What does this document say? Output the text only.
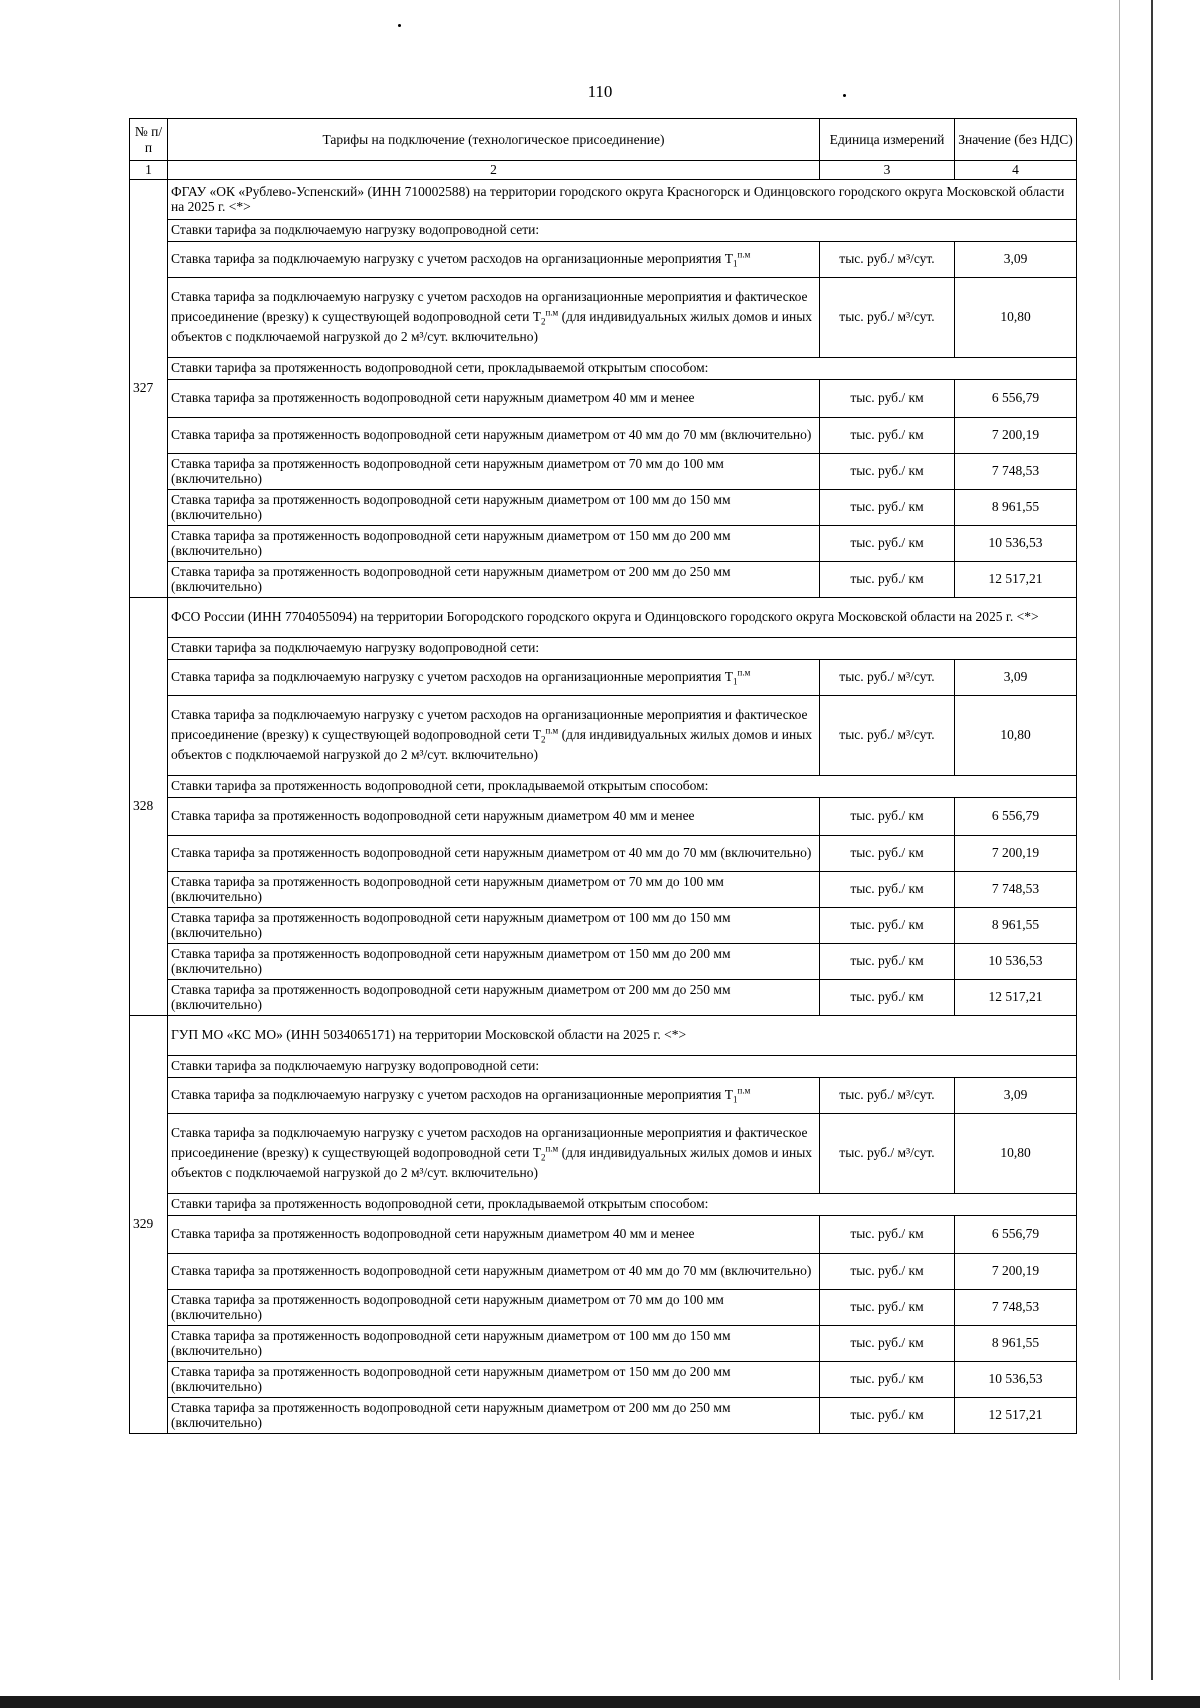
110
№ п/п	Тарифы на подключение (технологическое присоединение)	Единица измерений	Значение (без НДС)
1	2	3	4
327	ФГАУ «ОК «Рублево-Успенский» (ИНН 710002588) на территории городского округа Красногорск и Одинцовского городского округа Московской области на 2025 г. <*>		
	Ставки тарифа за подключаемую нагрузку водопроводной сети:		
	Ставка тарифа за подключаемую нагрузку с учетом расходов на организационные мероприятия $T_1^{п.м}$	тыс. руб./ м³/сут.	3,09
	Ставка тарифа за подключаемую нагрузку с учетом расходов на организационные мероприятия и фактическое присоединение (врезку) к существующей водопроводной сети $T_2^{п.м}$ (для индивидуальных жилых домов и иных объектов с подключаемой нагрузкой до 2 м³/сут. включительно)	тыс. руб./ м³/сут.	10,80
	Ставки тарифа за протяженность водопроводной сети, прокладываемой открытым способом:		
	Ставка тарифа за протяженность водопроводной сети наружным диаметром 40 мм и менее	тыс. руб./ км	6 556,79
	Ставка тарифа за протяженность водопроводной сети наружным диаметром от 40 мм до 70 мм (включительно)	тыс. руб./ км	7 200,19
	Ставка тарифа за протяженность водопроводной сети наружным диаметром от 70 мм до 100 мм (включительно)	тыс. руб./ км	7 748,53
	Ставка тарифа за протяженность водопроводной сети наружным диаметром от 100 мм до 150 мм (включительно)	тыс. руб./ км	8 961,55
	Ставка тарифа за протяженность водопроводной сети наружным диаметром от 150 мм до 200 мм (включительно)	тыс. руб./ км	10 536,53
	Ставка тарифа за протяженность водопроводной сети наружным диаметром от 200 мм до 250 мм (включительно)	тыс. руб./ км	12 517,21
328	ФСО России (ИНН 7704055094) на территории Богородского городского округа и Одинцовского городского округа Московской области на 2025 г. <*>		
	Ставки тарифа за подключаемую нагрузку водопроводной сети:		
	Ставка тарифа за подключаемую нагрузку с учетом расходов на организационные мероприятия $T_1^{п.м}$	тыс. руб./ м³/сут.	3,09
	Ставка тарифа за подключаемую нагрузку с учетом расходов на организационные мероприятия и фактическое присоединение (врезку) к существующей водопроводной сети $T_2^{п.м}$ (для индивидуальных жилых домов и иных объектов с подключаемой нагрузкой до 2 м³/сут. включительно)	тыс. руб./ м³/сут.	10,80
	Ставки тарифа за протяженность водопроводной сети, прокладываемой открытым способом:		
	Ставка тарифа за протяженность водопроводной сети наружным диаметром 40 мм и менее	тыс. руб./ км	6 556,79
	Ставка тарифа за протяженность водопроводной сети наружным диаметром от 40 мм до 70 мм (включительно)	тыс. руб./ км	7 200,19
	Ставка тарифа за протяженность водопроводной сети наружным диаметром от 70 мм до 100 мм (включительно)	тыс. руб./ км	7 748,53
	Ставка тарифа за протяженность водопроводной сети наружным диаметром от 100 мм до 150 мм (включительно)	тыс. руб./ км	8 961,55
	Ставка тарифа за протяженность водопроводной сети наружным диаметром от 150 мм до 200 мм (включительно)	тыс. руб./ км	10 536,53
	Ставка тарифа за протяженность водопроводной сети наружным диаметром от 200 мм до 250 мм (включительно)	тыс. руб./ км	12 517,21
329	ГУП МО «КС МО» (ИНН 5034065171) на территории Московской области на 2025 г. <*>		
	Ставки тарифа за подключаемую нагрузку водопроводной сети:		
	Ставка тарифа за подключаемую нагрузку с учетом расходов на организационные мероприятия $T_1^{п.м}$	тыс. руб./ м³/сут.	3,09
	Ставка тарифа за подключаемую нагрузку с учетом расходов на организационные мероприятия и фактическое присоединение (врезку) к существующей водопроводной сети $T_2^{п.м}$ (для индивидуальных жилых домов и иных объектов с подключаемой нагрузкой до 2 м³/сут. включительно)	тыс. руб./ м³/сут.	10,80
	Ставки тарифа за протяженность водопроводной сети, прокладываемой открытым способом:		
	Ставка тарифа за протяженность водопроводной сети наружным диаметром 40 мм и менее	тыс. руб./ км	6 556,79
	Ставка тарифа за протяженность водопроводной сети наружным диаметром от 40 мм до 70 мм (включительно)	тыс. руб./ км	7 200,19
	Ставка тарифа за протяженность водопроводной сети наружным диаметром от 70 мм до 100 мм (включительно)	тыс. руб./ км	7 748,53
	Ставка тарифа за протяженность водопроводной сети наружным диаметром от 100 мм до 150 мм (включительно)	тыс. руб./ км	8 961,55
	Ставка тарифа за протяженность водопроводной сети наружным диаметром от 150 мм до 200 мм (включительно)	тыс. руб./ км	10 536,53
	Ставка тарифа за протяженность водопроводной сети наружным диаметром от 200 мм до 250 мм (включительно)	тыс. руб./ км	12 517,21
